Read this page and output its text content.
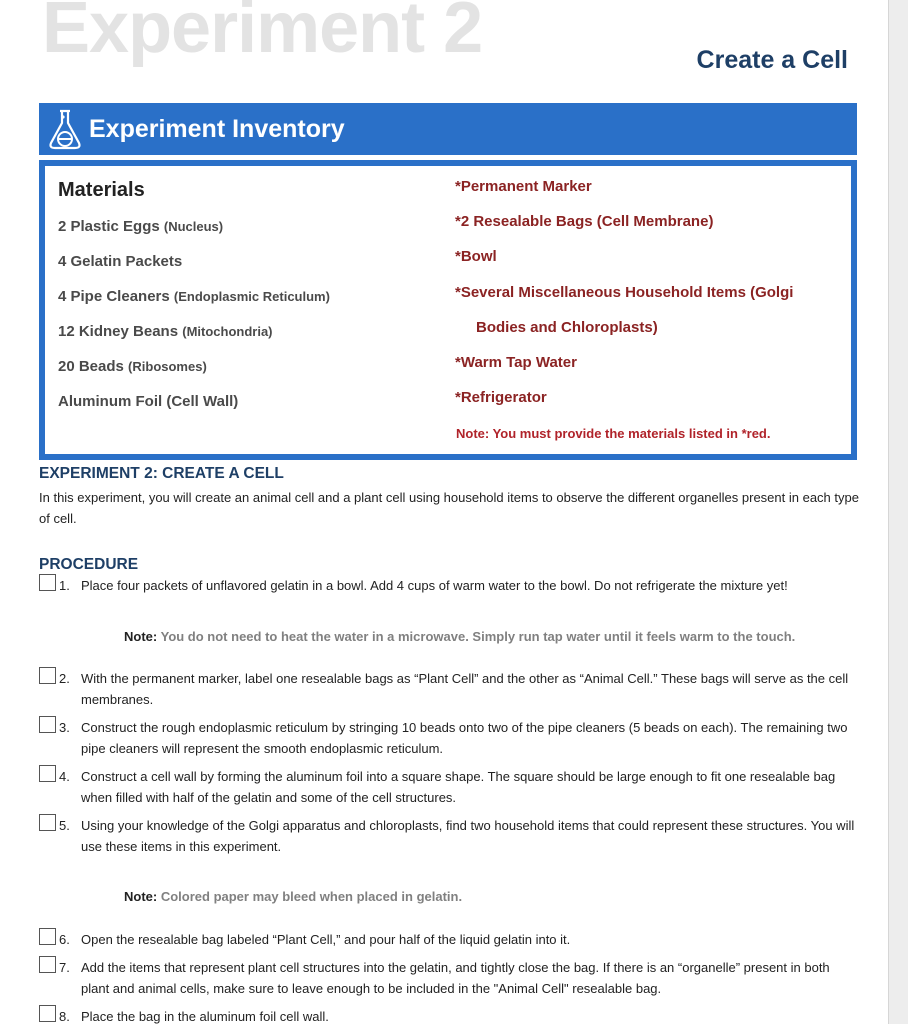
Experiment 2	Create a Cell
Experiment Inventory
Materials
2 Plastic Eggs (Nucleus)
4 Gelatin Packets
4 Pipe Cleaners (Endoplasmic Reticulum)
12 Kidney Beans (Mitochondria)
20 Beads (Ribosomes)
Aluminum Foil (Cell Wall)
*Permanent Marker
*2 Resealable Bags (Cell Membrane)
*Bowl
*Several Miscellaneous Household Items (Golgi
Bodies and Chloroplasts)
*Warm Tap Water
*Refrigerator
Note: You must provide the materials listed in *red.
EXPERIMENT 2: CREATE A CELL
In this experiment, you will create an animal cell and a plant cell using household items to observe the different organelles present in each type of cell.
PROCEDURE
1. Place four packets of unflavored gelatin in a bowl. Add 4 cups of warm water to the bowl. Do not refrigerate the mixture yet!
Note: You do not need to heat the water in a microwave. Simply run tap water until it feels warm to the touch.
2. With the permanent marker, label one resealable bags as “Plant Cell” and the other as “Animal Cell.” These bags will serve as the cell membranes.
3. Construct the rough endoplasmic reticulum by stringing 10 beads onto two of the pipe cleaners (5 beads on each). The remaining two pipe cleaners will represent the smooth endoplasmic reticulum.
4. Construct a cell wall by forming the aluminum foil into a square shape. The square should be large enough to fit one resealable bag when filled with half of the gelatin and some of the cell structures.
5. Using your knowledge of the Golgi apparatus and chloroplasts, find two household items that could represent these structures. You will use these items in this experiment.
Note: Colored paper may bleed when placed in gelatin.
6. Open the resealable bag labeled “Plant Cell,” and pour half of the liquid gelatin into it.
7. Add the items that represent plant cell structures into the gelatin, and tightly close the bag. If there is an “organelle” present in both plant and animal cells, make sure to leave enough to be included in the "Animal Cell" resealable bag.
8. Place the bag in the aluminum foil cell wall.
